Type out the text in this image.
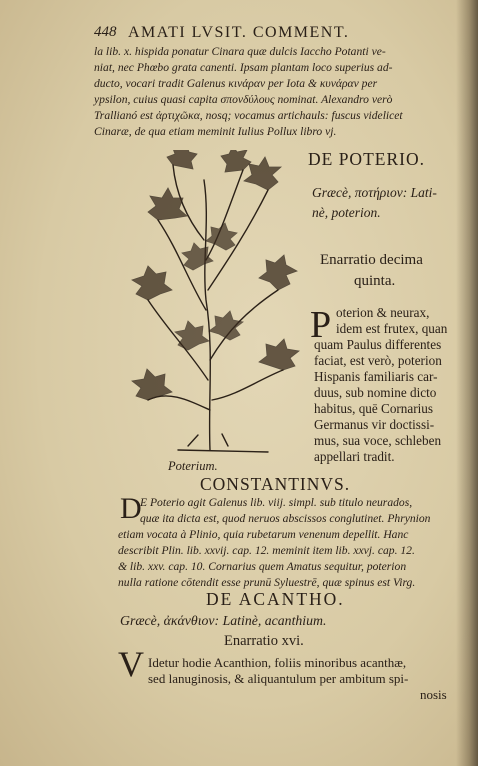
448 AMATI LVSIT. COMMENT.
la lib. x. hispida ponatur Cinara quæ dulcis Iaccho Potanti ve-
niat, nec Phœbo grata canenti. Ipsam plantam loco superius ad-
ducto, vocari tradit Galenus κινάραν per Iota & κυνάραν per
ypsilon, cuius quasi capita σπονδύλους nominat. Alexandro verò
Trallianó est ἀρτιχῶκα, nosq; vocamus artichauls: fuscus videlicet
Cinaræ, de qua etiam meminit Iulius Pollux libro vj.
Poterium.
DE POTERIO.
Græcè, ποτήριον: Lati-
nè, poterion.
Enarratio decima
quinta.
P oterion & neurax,
idem est frutex, quan
quam Paulus differentes
faciat, est verò, poterion
Hispanis familiaris car-
duus, sub nomine dicto
habitus, quē Cornarius
Germanus vir doctissi-
mus, sua voce, schleben
appellari tradit.
CONSTANTINVS.
D
E Poterio agit Galenus lib. viij. simpl. sub titulo neurados,
quæ ita dicta est, quod neruos abscissos conglutinet. Phrynion
etiam vocata à Plinio, quia rubetarum venenum depellit. Hanc
describit Plin. lib. xxvij. cap. 12. meminit item lib. xxvj. cap. 12.
& lib. xxv. cap. 10. Cornarius quem Amatus sequitur, poterion
nulla ratione cōtendit esse prunū Syluestrē, quæ spinus est Virg.
DE ACANTHO.
Græcè, ἀκάνθιον: Latinè, acanthium.
Enarratio xvi.
V Idetur hodie Acanthion, foliis minoribus acanthæ,
sed lanuginosis, & aliquantulum per ambitum spi-
nosis
